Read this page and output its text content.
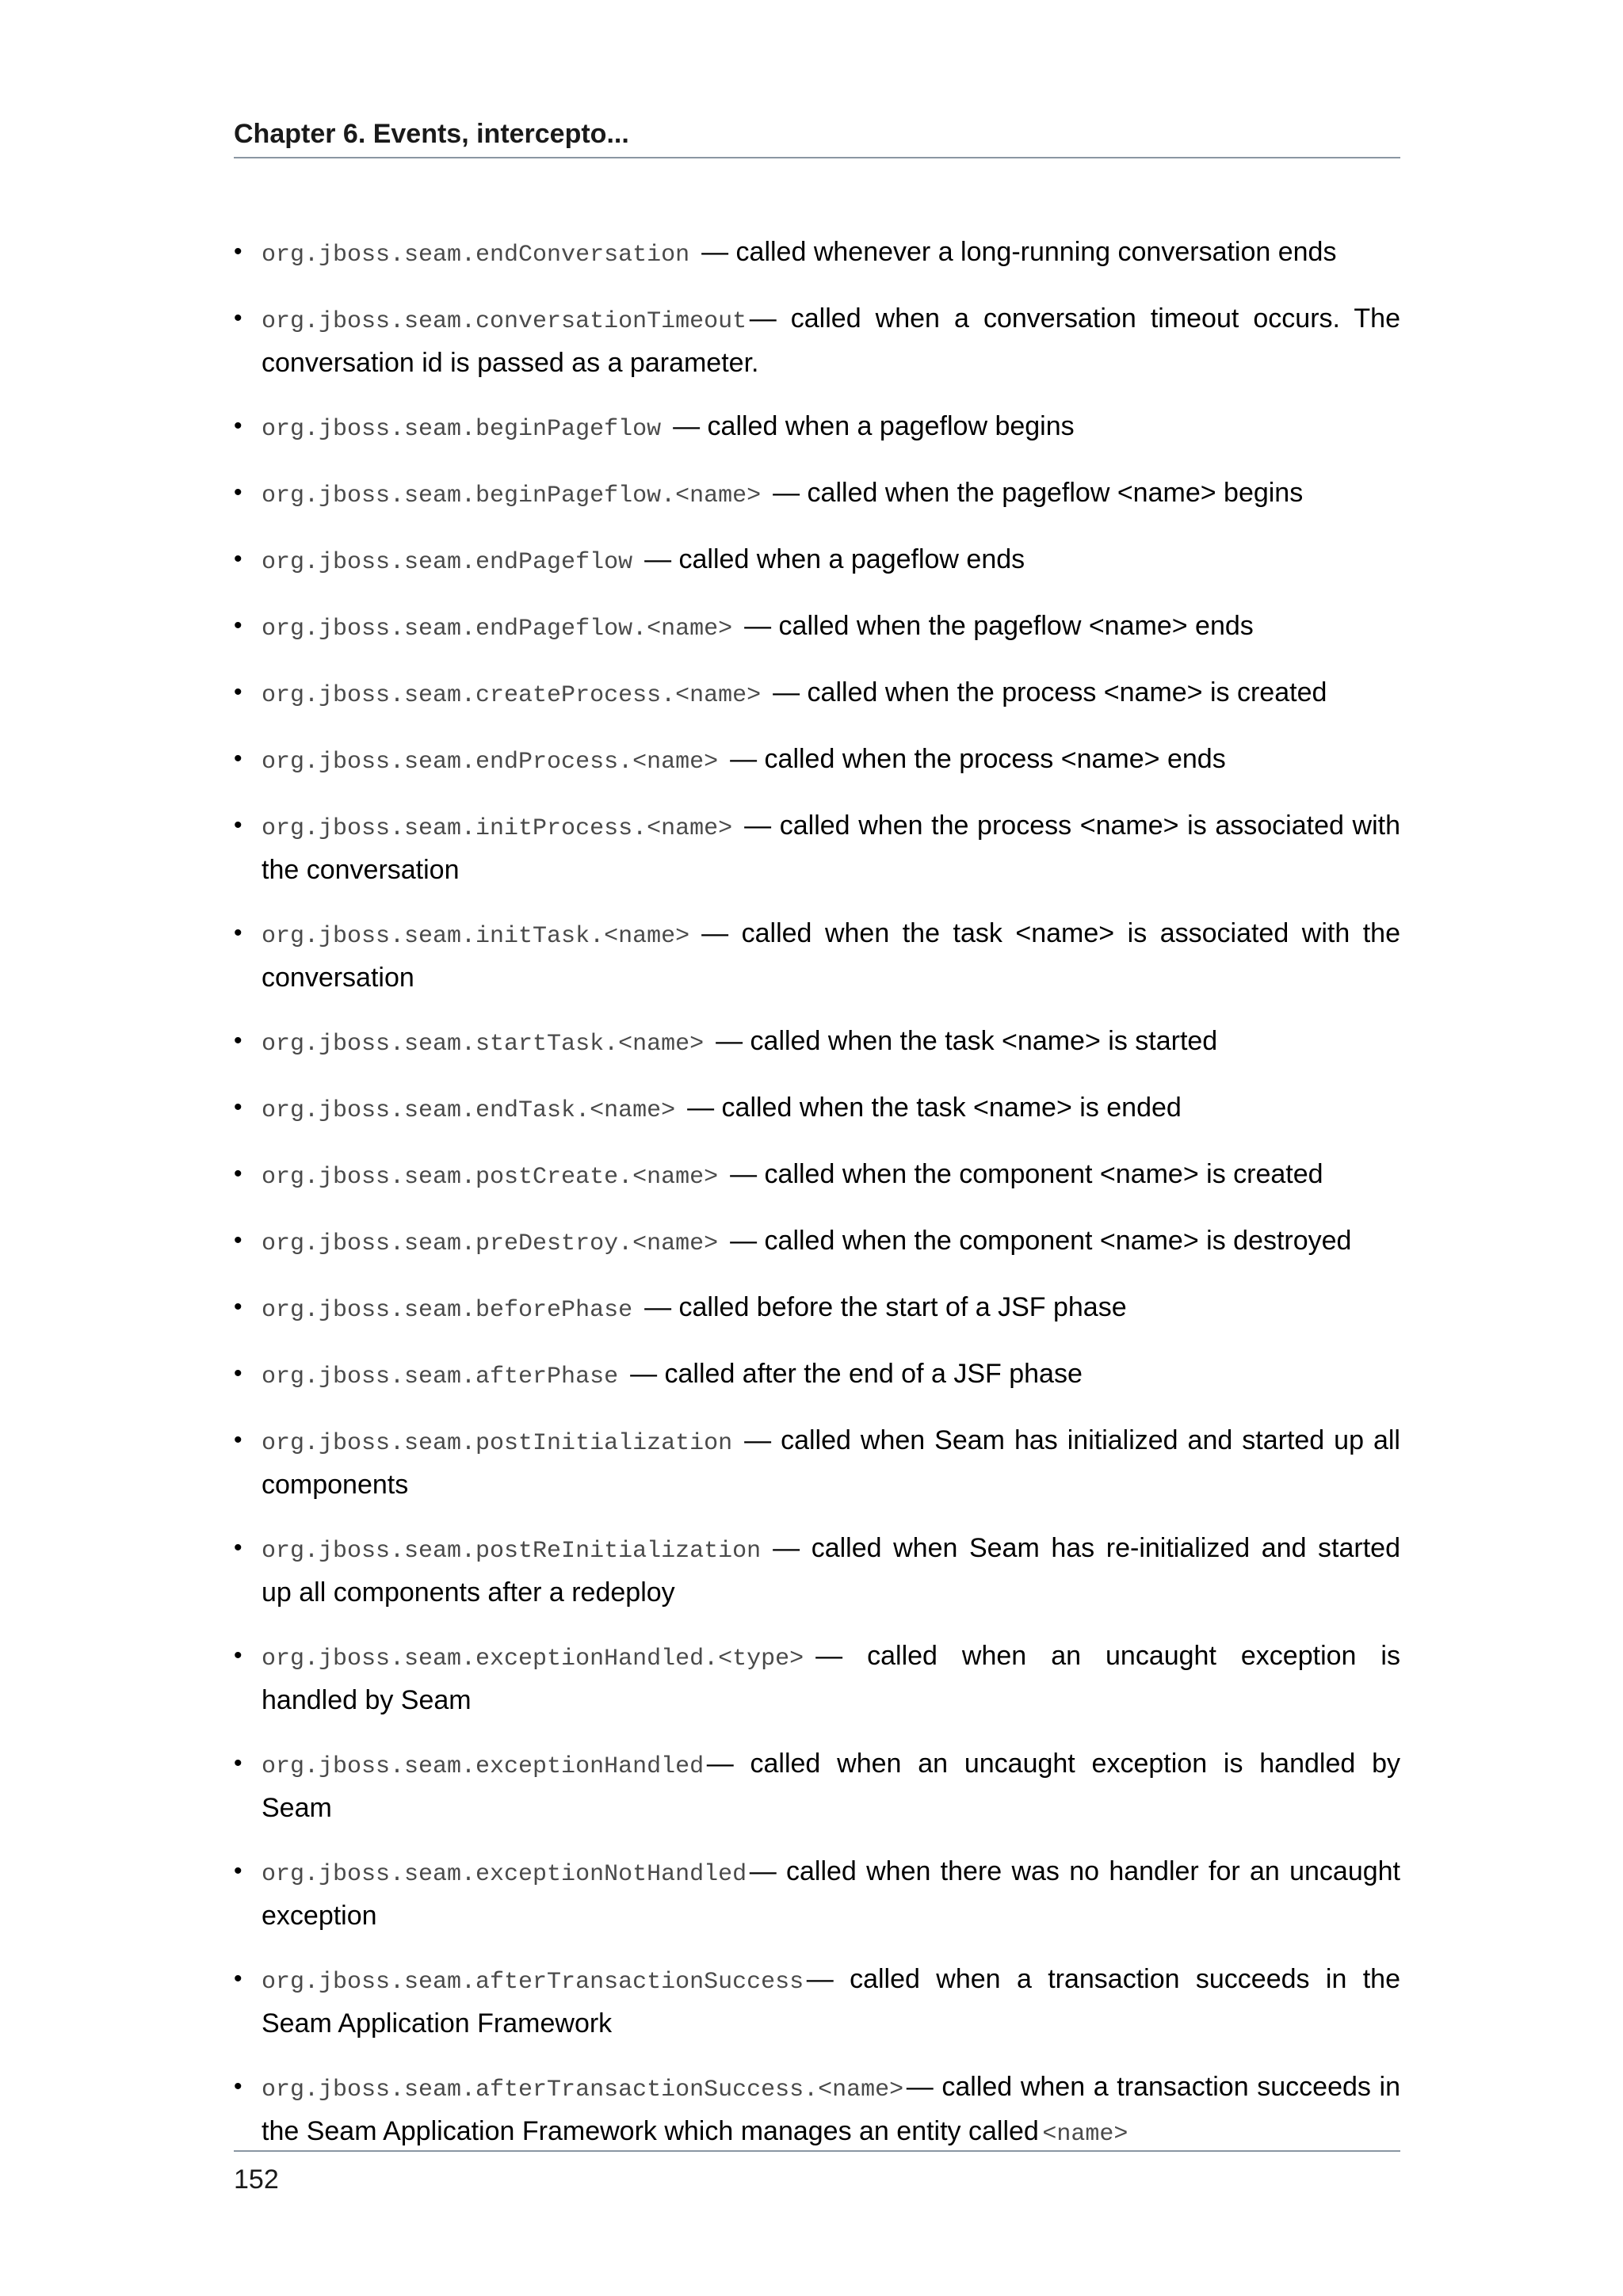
Chapter 6. Events, intercepto...
• org.jboss.seam.endConversation — called whenever a long-running conversation ends
• org.jboss.seam.conversationTimeout — called when a conversation timeout occurs. The conversation id is passed as a parameter.
• org.jboss.seam.beginPageflow — called when a pageflow begins
• org.jboss.seam.beginPageflow.<name> — called when the pageflow <name> begins
• org.jboss.seam.endPageflow — called when a pageflow ends
• org.jboss.seam.endPageflow.<name> — called when the pageflow <name> ends
• org.jboss.seam.createProcess.<name> — called when the process <name> is created
• org.jboss.seam.endProcess.<name> — called when the process <name> ends
• org.jboss.seam.initProcess.<name> — called when the process <name> is associated with the conversation
• org.jboss.seam.initTask.<name> — called when the task <name> is associated with the conversation
• org.jboss.seam.startTask.<name> — called when the task <name> is started
• org.jboss.seam.endTask.<name> — called when the task <name> is ended
• org.jboss.seam.postCreate.<name> — called when the component <name> is created
• org.jboss.seam.preDestroy.<name> — called when the component <name> is destroyed
• org.jboss.seam.beforePhase — called before the start of a JSF phase
• org.jboss.seam.afterPhase — called after the end of a JSF phase
• org.jboss.seam.postInitialization — called when Seam has initialized and started up all components
• org.jboss.seam.postReInitialization — called when Seam has re-initialized and started up all components after a redeploy
• org.jboss.seam.exceptionHandled.<type> — called when an uncaught exception is handled by Seam
• org.jboss.seam.exceptionHandled — called when an uncaught exception is handled by Seam
• org.jboss.seam.exceptionNotHandled — called when there was no handler for an uncaught exception
• org.jboss.seam.afterTransactionSuccess — called when a transaction succeeds in the Seam Application Framework
• org.jboss.seam.afterTransactionSuccess.<name> — called when a transaction succeeds in the Seam Application Framework which manages an entity called <name>
152
